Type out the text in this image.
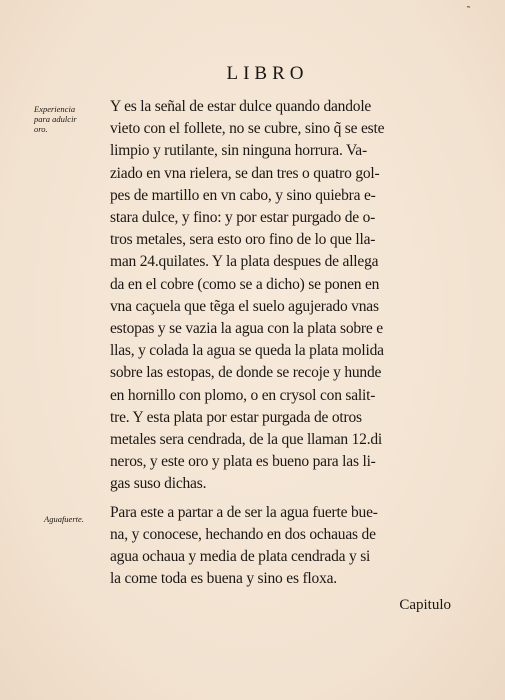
˜
LIBRO
Experiencia
para adulcir
oro.
Aguafuerte.
Y es la señal de estar dulce quando dandole
vieto con el follete, no se cubre, sino q̃ se este
limpio y rutilante, sin ninguna horrura. Va-
ziado en vna rielera, se dan tres o quatro gol-
pes de martillo en vn cabo, y sino quiebra e-
stara dulce, y fino: y por estar purgado de o-
tros metales, sera esto oro fino de lo que lla-
man 24.quilates. Y la plata despues de allega
da en el cobre (como se a dicho) se ponen en
vna caçuela que tẽga el suelo agujerado vnas
estopas y se vazia la agua con la plata sobre e
llas, y colada la agua se queda la plata molida
sobre las estopas, de donde se recoje y hunde
en hornillo con plomo, o en crysol con salit-
tre. Y esta plata por estar purgada de otros
metales sera cendrada, de la que llaman 12.di
neros, y este oro y plata es bueno para las li-
gas suso dichas.
Para este a partar a de ser la agua fuerte bue-
na, y conocese, hechando en dos ochauas de
agua ochaua y media de plata cendrada y si
la come toda es buena y sino es floxa.
Capitulo
